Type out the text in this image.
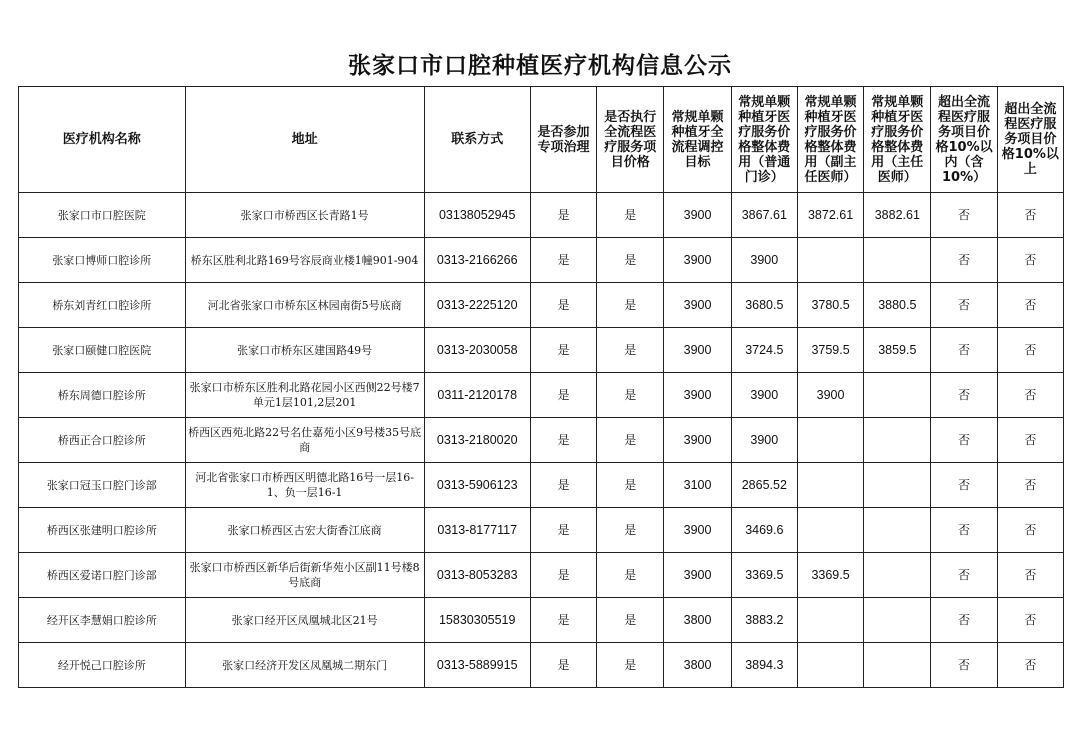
张家口市口腔种植医疗机构信息公示
医疗机构名称	地址	联系方式	是否参加专项治理	是否执行全流程医疗服务项目价格	常规单颗种植牙全流程调控目标	常规单颗种植牙医疗服务价格整体费用（普通门诊）	常规单颗种植牙医疗服务价格整体费用（副主任医师）	常规单颗种植牙医疗服务价格整体费用（主任医师）	超出全流程医疗服务项目价格10%以内（含10%）	超出全流程医疗服务项目价格10%以上
张家口市口腔医院	张家口市桥西区长青路1号	03138052945	是	是	3900	3867.61	3872.61	3882.61	否	否
张家口博师口腔诊所	桥东区胜利北路169号容辰商业楼1幢901-904	0313-2166266	是	是	3900	3900			否	否
桥东刘青红口腔诊所	河北省张家口市桥东区林园南街5号底商	0313-2225120	是	是	3900	3680.5	3780.5	3880.5	否	否
张家口颐健口腔医院	张家口市桥东区建国路49号	0313-2030058	是	是	3900	3724.5	3759.5	3859.5	否	否
桥东周德口腔诊所	张家口市桥东区胜利北路花园小区西侧22号楼7单元1层101,2层201	0311-2120178	是	是	3900	3900	3900		否	否
桥西正合口腔诊所	桥西区西苑北路22号名仕嘉苑小区9号楼35号底商	0313-2180020	是	是	3900	3900			否	否
张家口冠玉口腔门诊部	河北省张家口市桥西区明德北路16号一层16-1、负一层16-1	0313-5906123	是	是	3100	2865.52			否	否
桥西区张建明口腔诊所	张家口桥西区古宏大街香江底商	0313-8177117	是	是	3900	3469.6			否	否
桥西区爱诺口腔门诊部	张家口市桥西区新华后街新华苑小区副11号楼8号底商	0313-8053283	是	是	3900	3369.5	3369.5		否	否
经开区李慧娟口腔诊所	张家口经开区凤凰城北区21号	15830305519	是	是	3800	3883.2			否	否
经开悦己口腔诊所	张家口经济开发区凤凰城二期东门	0313-5889915	是	是	3800	3894.3			否	否
